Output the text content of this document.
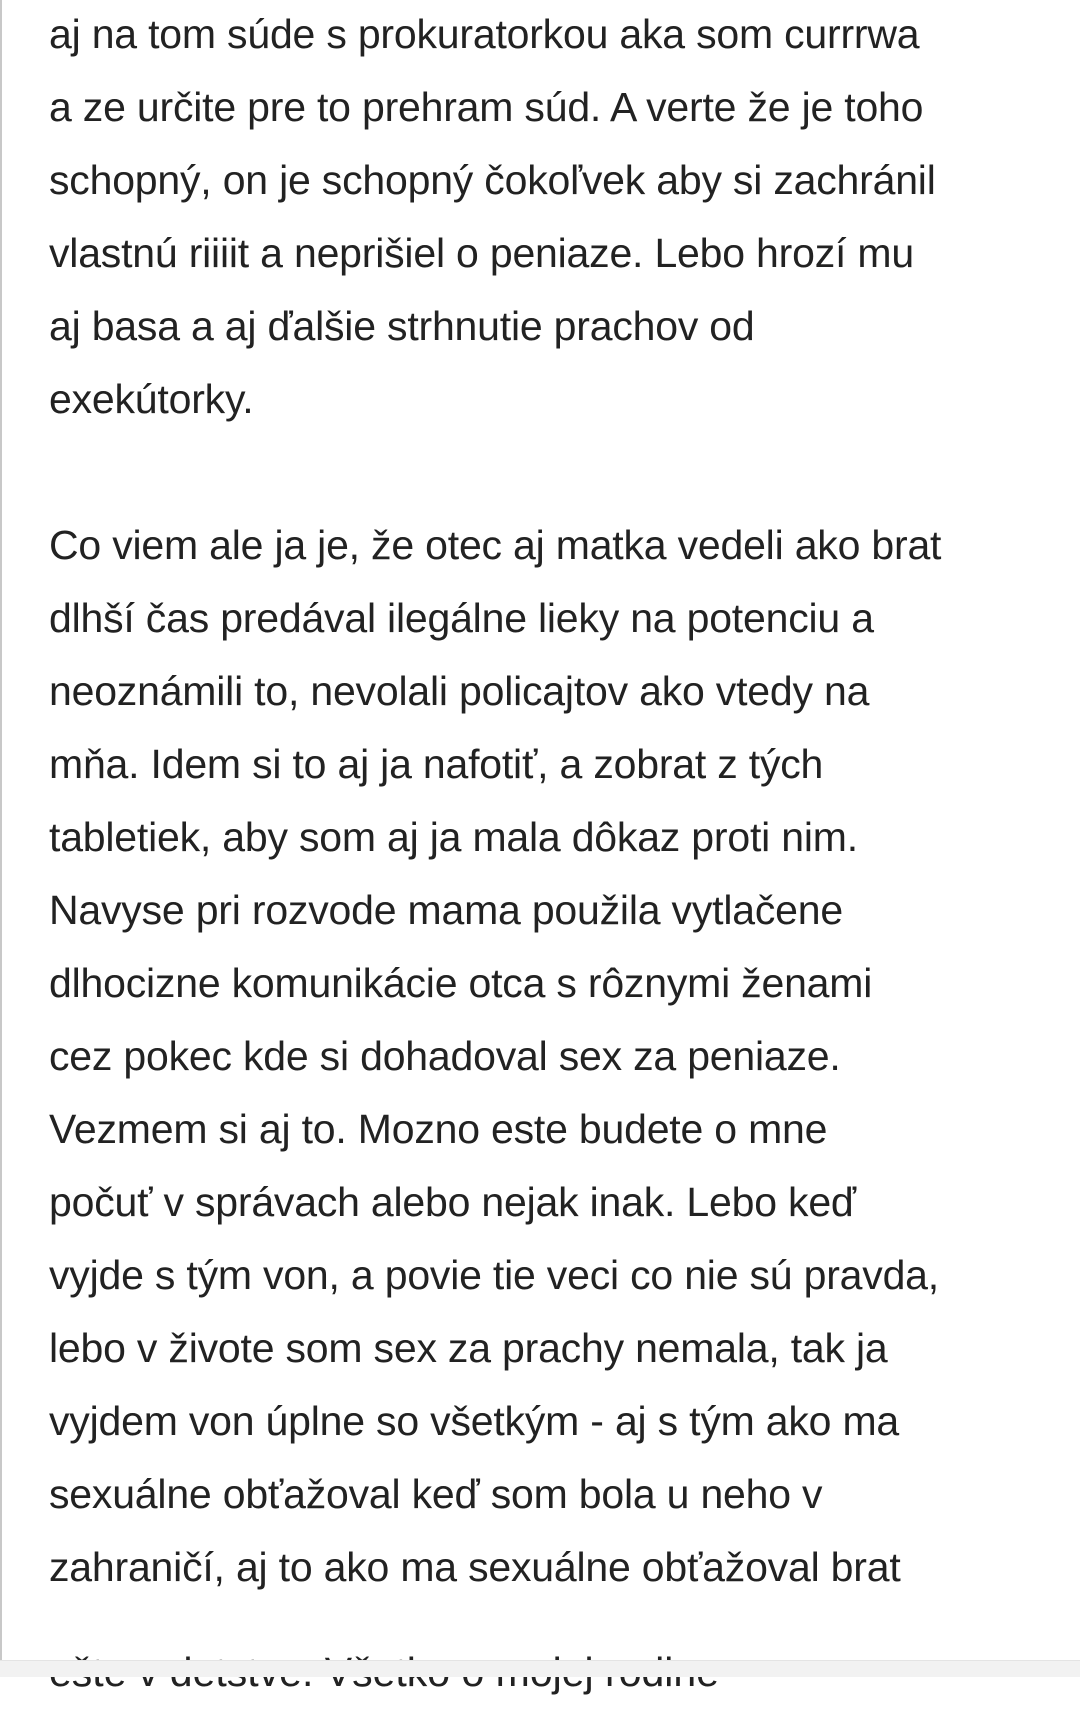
aj na tom súde s prokuratorkou aka som currrwa
a ze určite pre to prehram súd. A verte že je toho
schopný, on je schopný čokoľvek aby si zachránil
vlastnú riiiit a neprišiel o peniaze. Lebo hrozí mu
aj basa a aj ďalšie strhnutie prachov od
exekútorky.
Co viem ale ja je, že otec aj matka vedeli ako brat
dlhší čas predával ilegálne lieky na potenciu a
neoznámili to, nevolali policajtov ako vtedy na
mňa. Idem si to aj ja nafotiť, a zobrat z tých
tabletiek, aby som aj ja mala dôkaz proti nim.
Navyse pri rozvode mama použila vytlačene
dlhocizne komunikácie otca s rôznymi ženami
cez pokec kde si dohadoval sex za peniaze.
Vezmem si aj to. Mozno este budete o mne
počuť v správach alebo nejak inak. Lebo keď
vyjde s tým von, a povie tie veci co nie sú pravda,
lebo v živote som sex za prachy nemala, tak ja
vyjdem von úplne so všetkým - aj s tým ako ma
sexuálne obťažoval keď som bola u neho v
zahraničí, aj to ako ma sexuálne obťažoval brat
